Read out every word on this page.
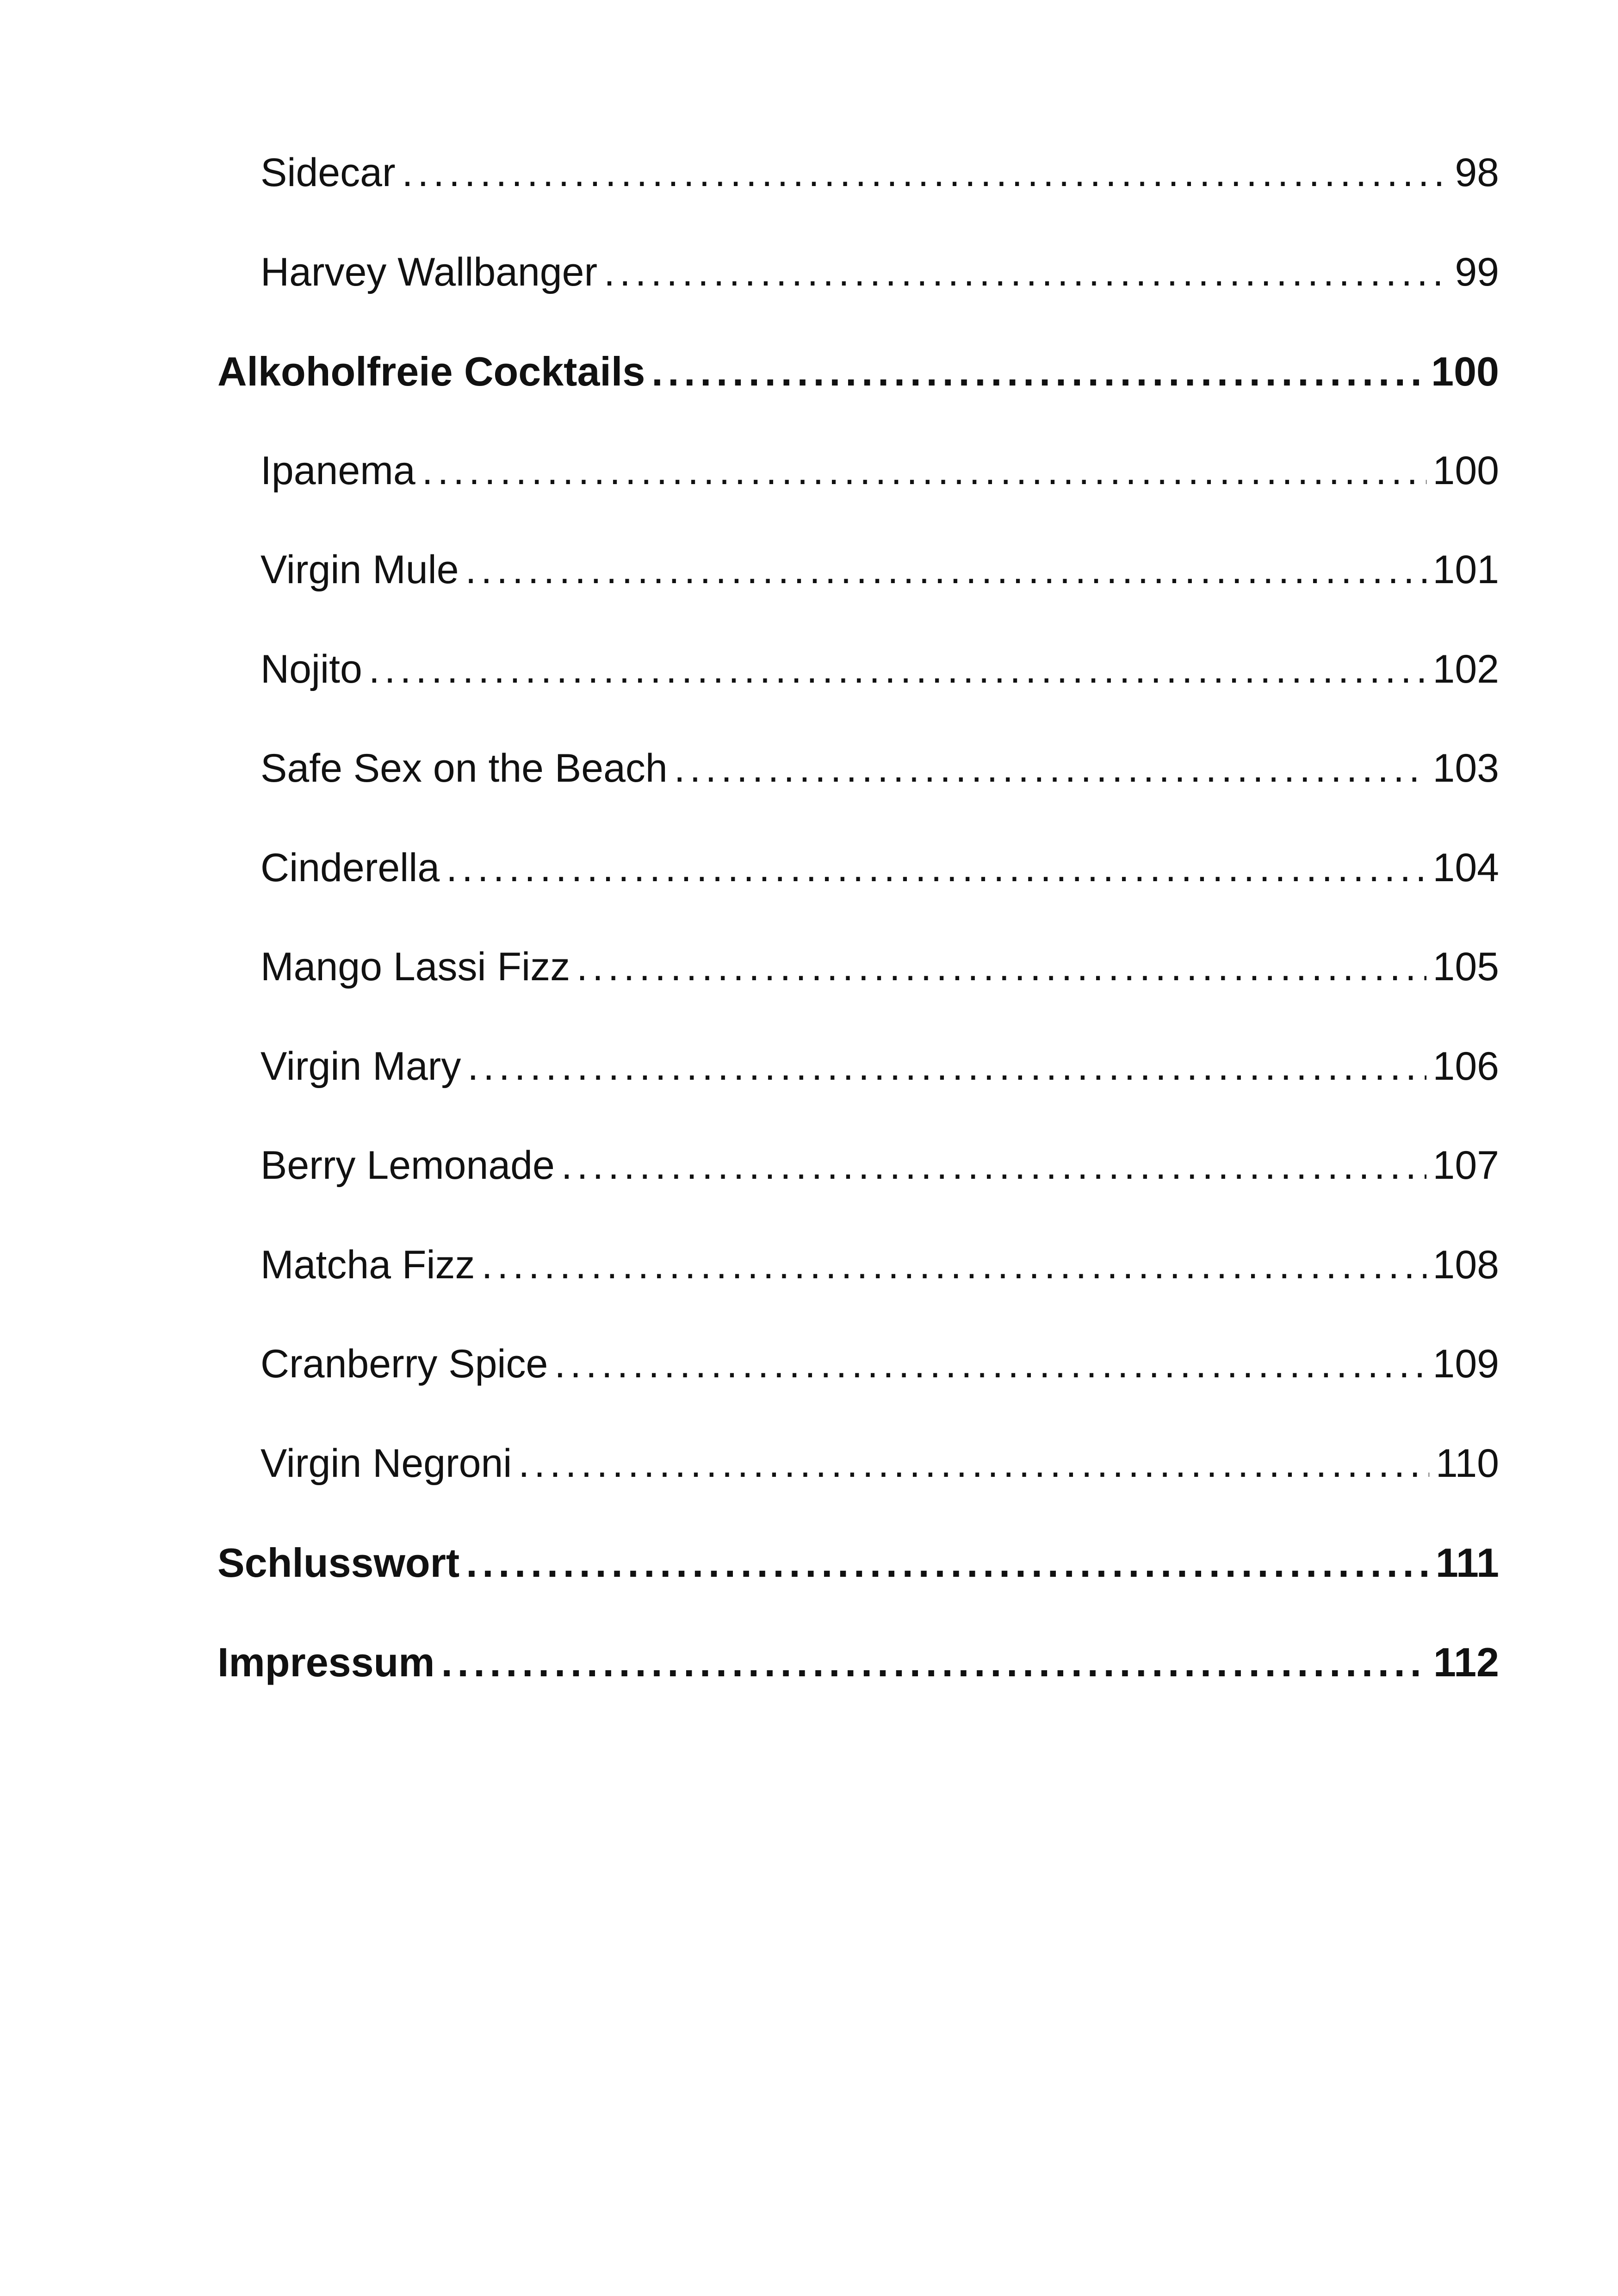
Sidecar . . .	98
Harvey Wallbanger . . .	99
Alkoholfreie Cocktails . . .	100
Ipanema . . .	100
Virgin Mule . . .	101
Nojito . . .	102
Safe Sex on the Beach . . .	103
Cinderella . . .	104
Mango Lassi Fizz . . .	105
Virgin Mary . . .	106
Berry Lemonade . . .	107
Matcha Fizz . . .	108
Cranberry Spice . . .	109
Virgin Negroni . . .	110
Schlusswort . . .	111
Impressum . . .	112
